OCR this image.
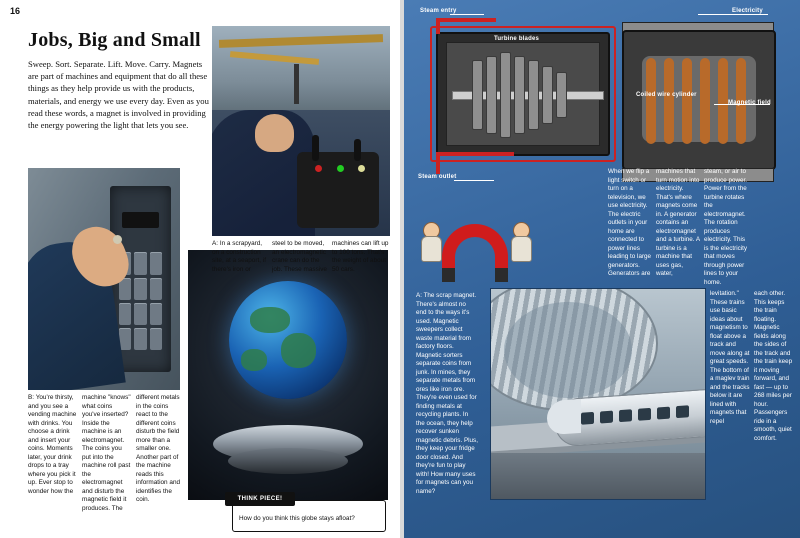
16
Jobs, Big and Small
Sweep. Sort. Separate. Lift. Move. Carry. Magnets are part of machines and equipment that do all these things as they help provide us with the products, materials, and energy we use every day. Even as you read these words, a magnet is involved in providing the energy powering the light that lets you see.
A: In a scrapyard, on a construction site, at a seaport, if there's iron or
steel to be moved, an electromagnetic crane can do the job. These massive
machines can lift up to 100 tons. That's the weight of about 50 cars.
B: You're thirsty, and you see a vending machine with drinks. You choose a drink and insert your coins. Moments later, your drink drops to a tray where you pick it up. Ever stop to wonder how the
machine "knows" what coins you've inserted? Inside the machine is an electromagnet. The coins you put into the machine roll past the electromagnet and disturb the magnetic field it produces. The
different metals in the coins react to the different coins disturb the field more than a smaller one. Another part of the machine reads this information and identifies the coin.	THINK PIECE!
How do you think this globe stays afloat?
Steam entry
Turbine blades
Electricity
Coiled wire cylinder
Magnetic field
Steam outlet
When we flip a light switch or turn on a television, we use electricity. The electric outlets in your home are connected to power lines leading to large generators. Generators are
machines that turn motion into electricity. That's where magnets come in. A generator contains an electromagnet and a turbine. A turbine is a machine that uses gas, water,
steam, or air to produce power. Power from the turbine rotates the electromagnet. The rotation produces electricity. This is the electricity that moves through power lines to your home.
A: The scrap magnet. There's almost no end to the ways it's used. Magnetic sweepers collect waste material from factory floors. Magnetic sorters separate coins from junk. In mines, they separate metals from ores like iron ore. They're even used for finding metals at recycling plants. In the ocean, they help recover sunken magnetic debris. Plus, they keep your fridge door closed. And they're fun to play with! How many uses for magnets can you name?
levitation." These trains use basic ideas about magnetism to float above a track and move along at great speeds. The bottom of a maglev train and the tracks below it are lined with magnets that repel
each other. This keeps the train floating. Magnetic fields along the sides of the track and the train keep it moving forward, and fast — up to 268 miles per hour. Passengers ride in a smooth, quiet comfort.
